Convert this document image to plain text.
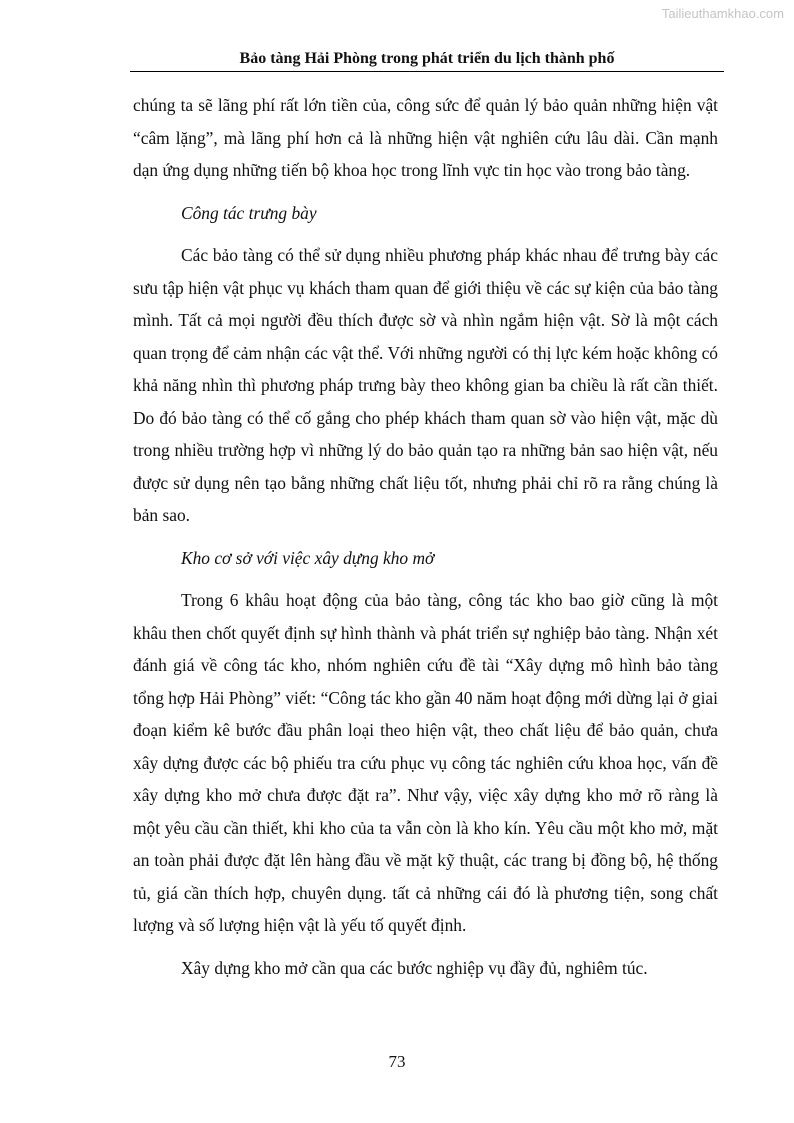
Tailieuthamkhao.com
Bảo tàng Hải Phòng trong phát triển du lịch thành phố

chúng ta sẽ lãng phí rất lớn tiền của, công sức để quản lý bảo quản những hiện vật “câm lặng”, mà lãng phí hơn cả là những hiện vật nghiên cứu lâu dài. Cần mạnh dạn ứng dụng những tiến bộ khoa học trong lĩnh vực tin học vào trong bảo tàng.

Công tác trưng bày

Các bảo tàng có thể sử dụng nhiều phương pháp khác nhau để trưng bày các sưu tập hiện vật phục vụ khách tham quan để giới thiệu về các sự kiện của bảo tàng mình. Tất cả mọi người đều thích được sờ và nhìn ngắm hiện vật. Sờ là một cách quan trọng để cảm nhận các vật thể. Với những người có thị lực kém hoặc không có khả năng nhìn thì phương pháp trưng bày theo không gian ba chiều là rất cần thiết. Do đó bảo tàng có thể cố gắng cho phép khách tham quan sờ vào hiện vật, mặc dù trong nhiều trường hợp vì những lý do bảo quản tạo ra những bản sao hiện vật, nếu được sử dụng nên tạo bằng những chất liệu tốt, nhưng phải chỉ rõ ra rằng chúng là bản sao.

Kho cơ sở với việc xây dựng kho mở

Trong 6 khâu hoạt động của bảo tàng, công tác kho bao giờ cũng là một khâu then chốt quyết định sự hình thành và phát triển sự nghiệp bảo tàng. Nhận xét đánh giá về công tác kho, nhóm nghiên cứu đề tài “Xây dựng mô hình bảo tàng tổng hợp Hải Phòng” viết: “Công tác kho gần 40 năm hoạt động mới dừng lại ở giai đoạn kiểm kê bước đầu phân loại theo hiện vật, theo chất liệu để bảo quản, chưa xây dựng được các bộ phiếu tra cứu phục vụ công tác nghiên cứu khoa học, vấn đề xây dựng kho mở chưa được đặt ra”. Như vậy, việc xây dựng kho mở rõ ràng là một yêu cầu cần thiết, khi kho của ta vẫn còn là kho kín. Yêu cầu một kho mở, mặt an toàn phải được đặt lên hàng đầu về mặt kỹ thuật, các trang bị đồng bộ, hệ thống tủ, giá cần thích hợp, chuyên dụng. tất cả những cái đó là phương tiện, song chất lượng và số lượng hiện vật là yếu tố quyết định.

Xây dựng kho mở cần qua các bước nghiệp vụ đầy đủ, nghiêm túc.

73
